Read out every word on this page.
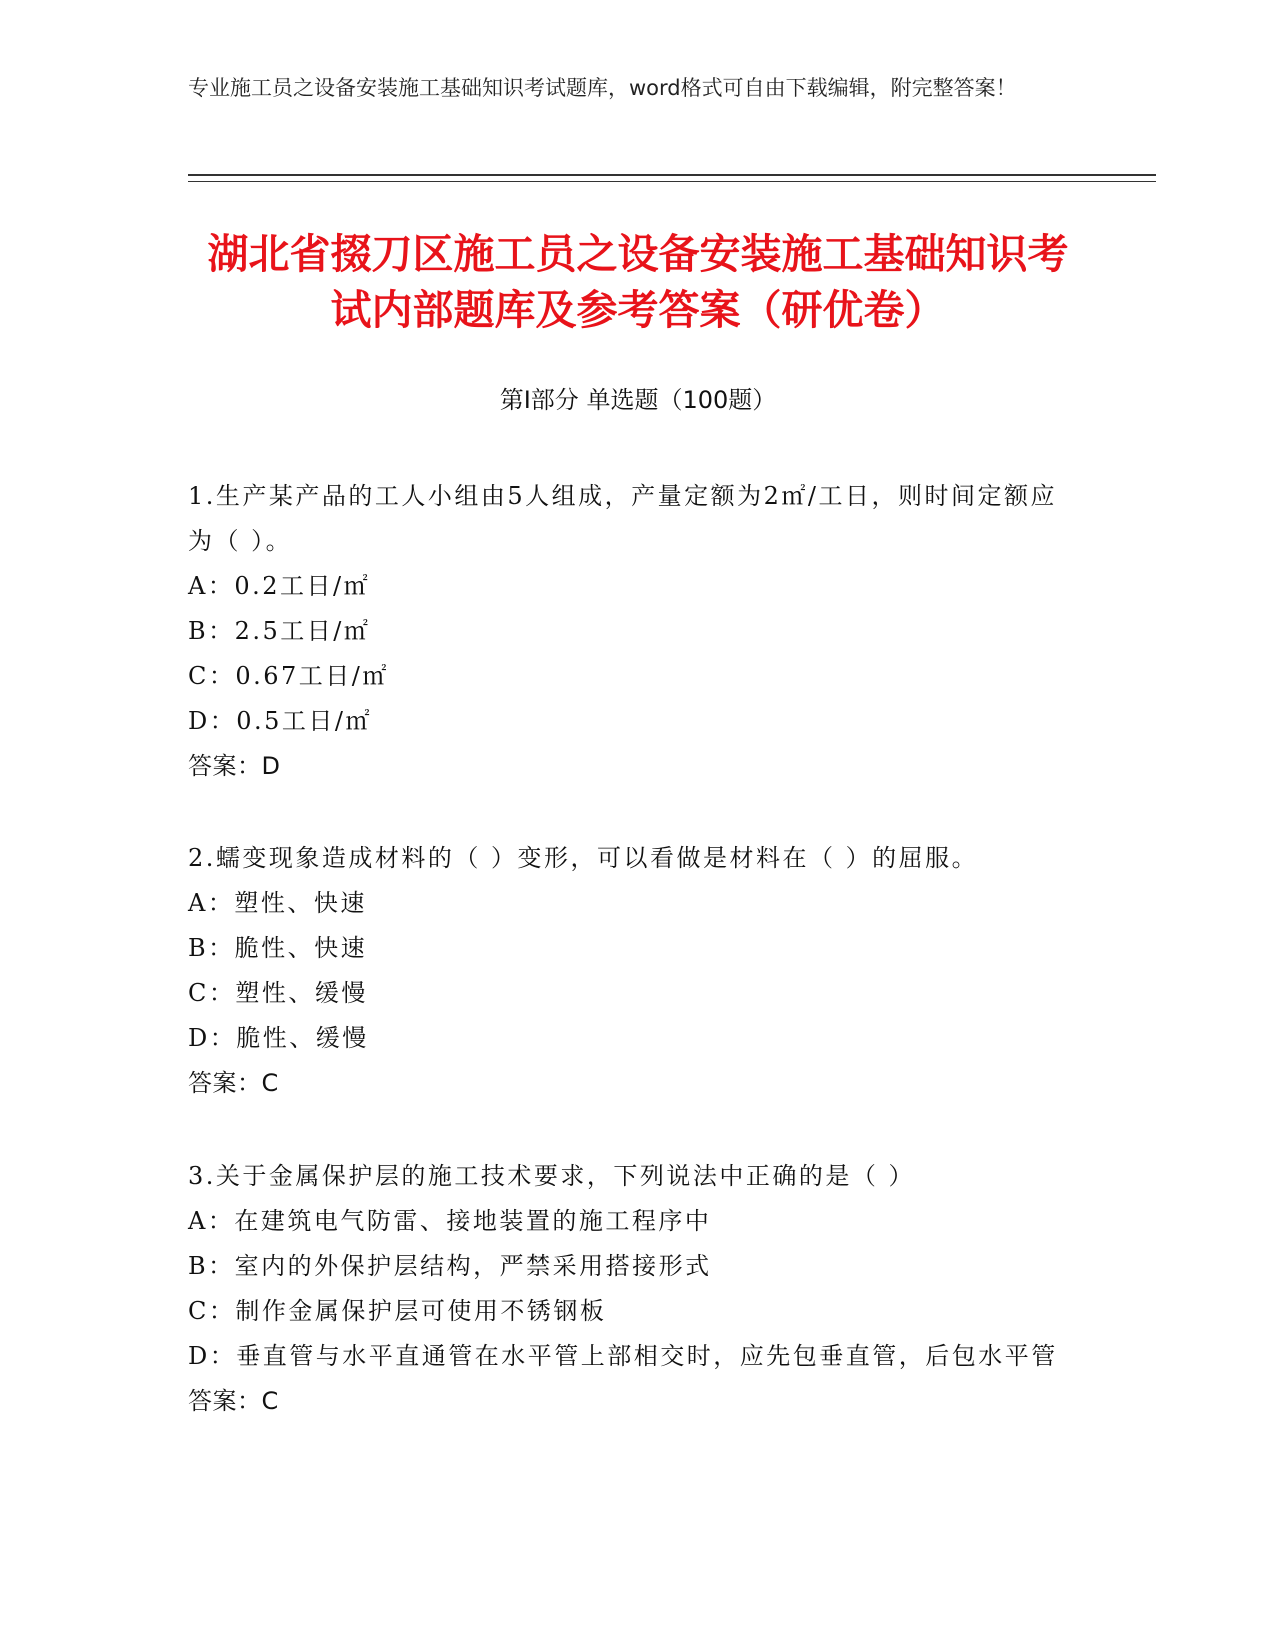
专业施工员之设备安装施工基础知识考试题库，word格式可自由下载编辑，附完整答案！
湖北省掇刀区施工员之设备安装施工基础知识考试内部题库及参考答案（研优卷）
第Ⅰ部分 单选题（100题）
1.生产某产品的工人小组由5人组成，产量定额为2㎡/工日，则时间定额应为（ ）。
A：0.2工日/㎡
B：2.5工日/㎡
C：0.67工日/㎡
D：0.5工日/㎡
答案：D
2.蠕变现象造成材料的（ ）变形，可以看做是材料在（ ）的屈服。
A：塑性、快速
B：脆性、快速
C：塑性、缓慢
D：脆性、缓慢
答案：C
3.关于金属保护层的施工技术要求，下列说法中正确的是（ ）
A：在建筑电气防雷、接地装置的施工程序中
B：室内的外保护层结构，严禁采用搭接形式
C：制作金属保护层可使用不锈钢板
D：垂直管与水平直通管在水平管上部相交时，应先包垂直管，后包水平管
答案：C
